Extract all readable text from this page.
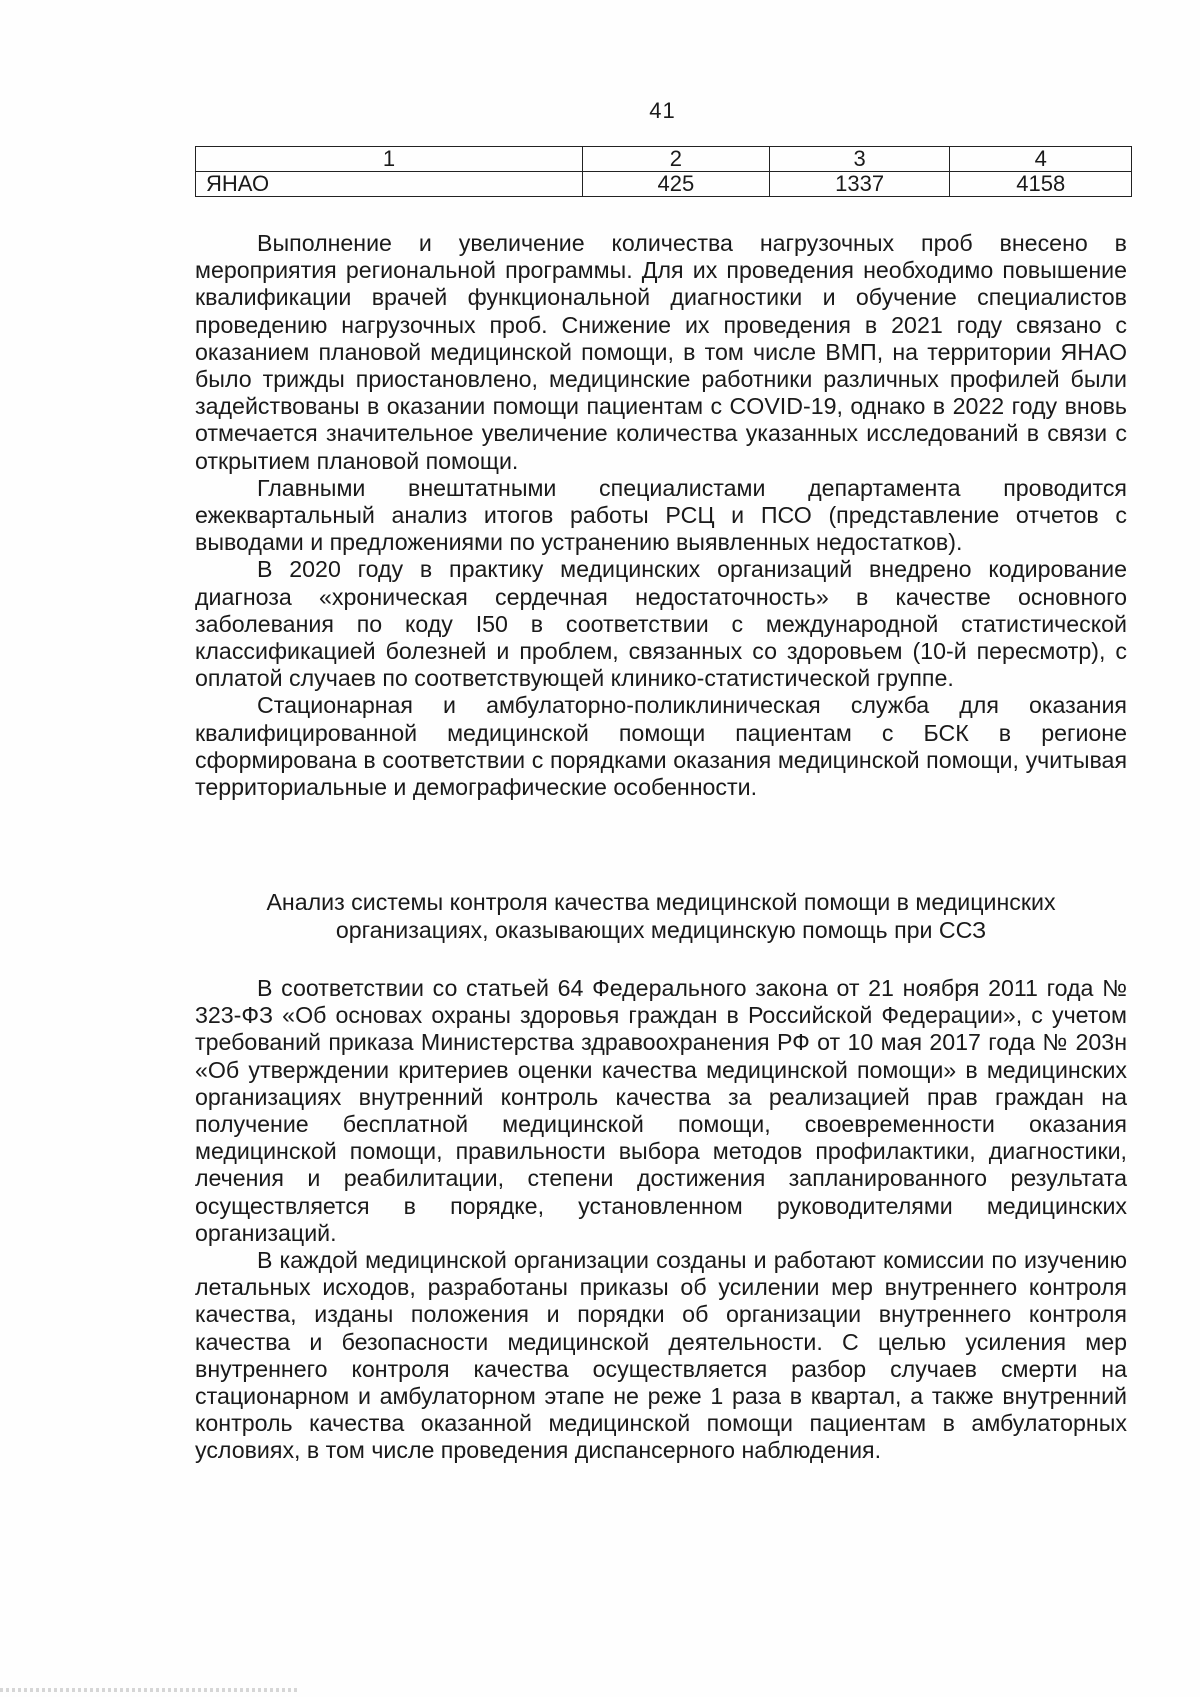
41
1	2	3	4
ЯНАО	425	1337	4158

Выполнение и увеличение количества нагрузочных проб внесено в мероприятия региональной программы. Для их проведения необходимо повышение квалификации врачей функциональной диагностики и обучение специалистов проведению нагрузочных проб. Снижение их проведения в 2021 году связано с оказанием плановой медицинской помощи, в том числе ВМП, на территории ЯНАО было трижды приостановлено, медицинские работники различных профилей были задействованы в оказании помощи пациентам с COVID-19, однако в 2022 году вновь отмечается значительное увеличение количества указанных исследований в связи с открытием плановой помощи.

Главными внештатными специалистами департамента проводится ежеквартальный анализ итогов работы РСЦ и ПСО (представление отчетов с выводами и предложениями по устранению выявленных недостатков).

В 2020 году в практику медицинских организаций внедрено кодирование диагноза «хроническая сердечная недостаточность» в качестве основного заболевания по коду I50 в соответствии с международной статистической классификацией болезней и проблем, связанных со здоровьем (10-й пересмотр), с оплатой случаев по соответствующей клинико-статистической группе.

Стационарная и амбулаторно-поликлиническая служба для оказания квалифицированной медицинской помощи пациентам с БСК в регионе сформирована в соответствии с порядками оказания медицинской помощи, учитывая территориальные и демографические особенности.

Анализ системы контроля качества медицинской помощи в медицинских
организациях, оказывающих медицинскую помощь при ССЗ

В соответствии со статьей 64 Федерального закона от 21 ноября 2011 года № 323-ФЗ «Об основах охраны здоровья граждан в Российской Федерации», с учетом требований приказа Министерства здравоохранения РФ от 10 мая 2017 года № 203н «Об утверждении критериев оценки качества медицинской помощи» в медицинских организациях внутренний контроль качества за реализацией прав граждан на получение бесплатной медицинской помощи, своевременности оказания медицинской помощи, правильности выбора методов профилактики, диагностики, лечения и реабилитации, степени достижения запланированного результата осуществляется в порядке, установленном руководителями медицинских организаций.

В каждой медицинской организации созданы и работают комиссии по изучению летальных исходов, разработаны приказы об усилении мер внутреннего контроля качества, изданы положения и порядки об организации внутреннего контроля качества и безопасности медицинской деятельности. С целью усиления мер внутреннего контроля качества осуществляется разбор случаев смерти на стационарном и амбулаторном этапе не реже 1 раза в квартал, а также внутренний контроль качества оказанной медицинской помощи пациентам в амбулаторных условиях, в том числе проведения диспансерного наблюдения.
